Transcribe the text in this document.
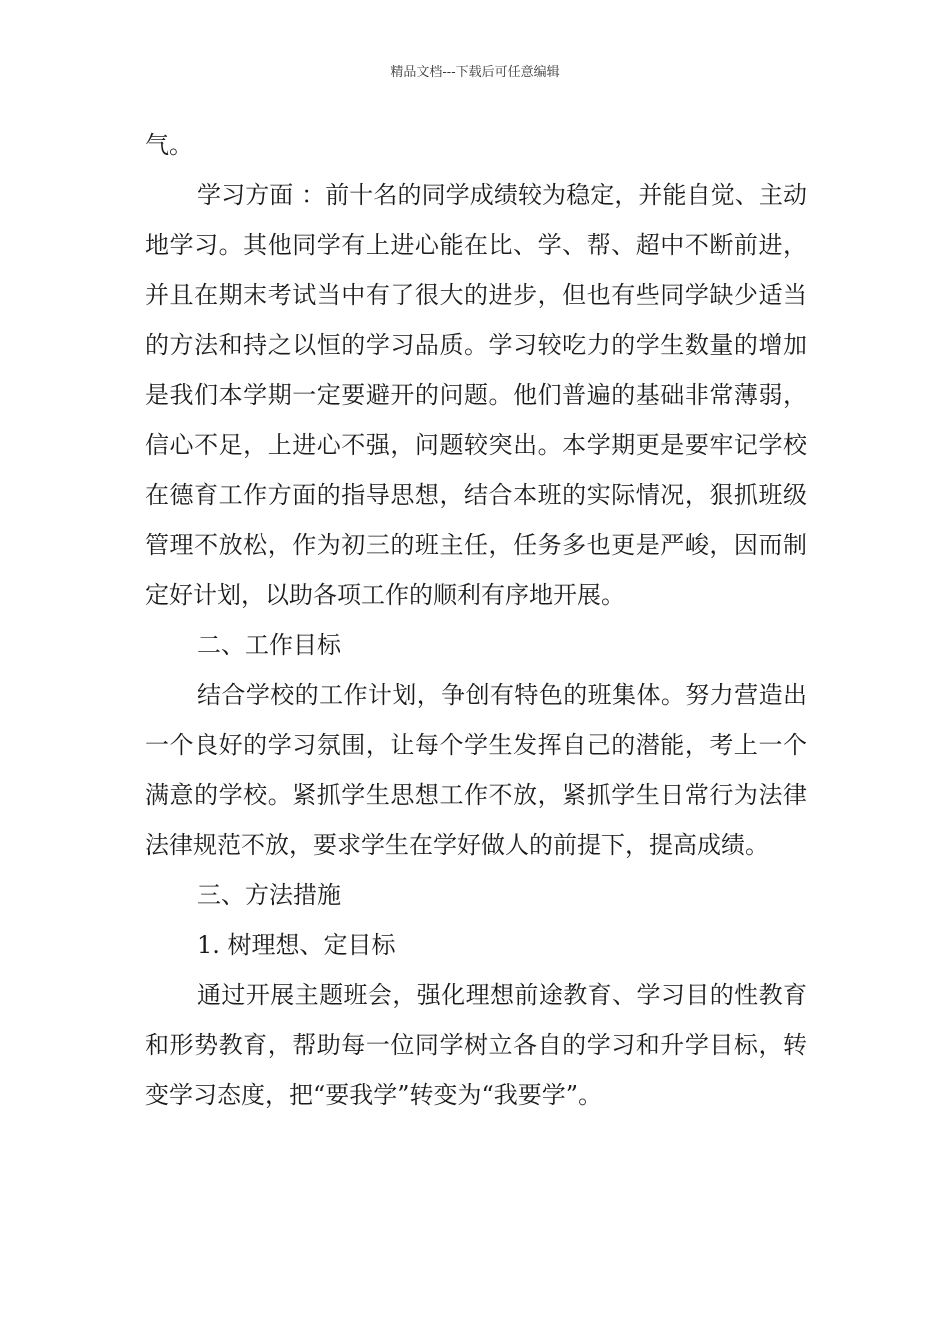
精品文档---下载后可任意编辑

气。

学习方面 ：前十名的同学成绩较为稳定，并能自觉、主动地学习。其他同学有上进心能在比、学、帮、超中不断前进，并且在期末考试当中有了很大的进步，但也有些同学缺少适当的方法和持之以恒的学习品质。学习较吃力的学生数量的增加是我们本学期一定要避开的问题。他们普遍的基础非常薄弱，信心不足，上进心不强，问题较突出。本学期更是要牢记学校在德育工作方面的指导思想，结合本班的实际情况，狠抓班级管理不放松，作为初三的班主任，任务多也更是严峻，因而制定好计划，以助各项工作的顺利有序地开展。

二、工作目标

结合学校的工作计划，争创有特色的班集体。努力营造出一个良好的学习氛围，让每个学生发挥自己的潜能，考上一个满意的学校。紧抓学生思想工作不放，紧抓学生日常行为法律法律规范不放，要求学生在学好做人的前提下，提高成绩。

三、方法措施

1. 树理想、定目标

通过开展主题班会，强化理想前途教育、学习目的性教育和形势教育，帮助每一位同学树立各自的学习和升学目标，转变学习态度，把“要我学”转变为“我要学”。
